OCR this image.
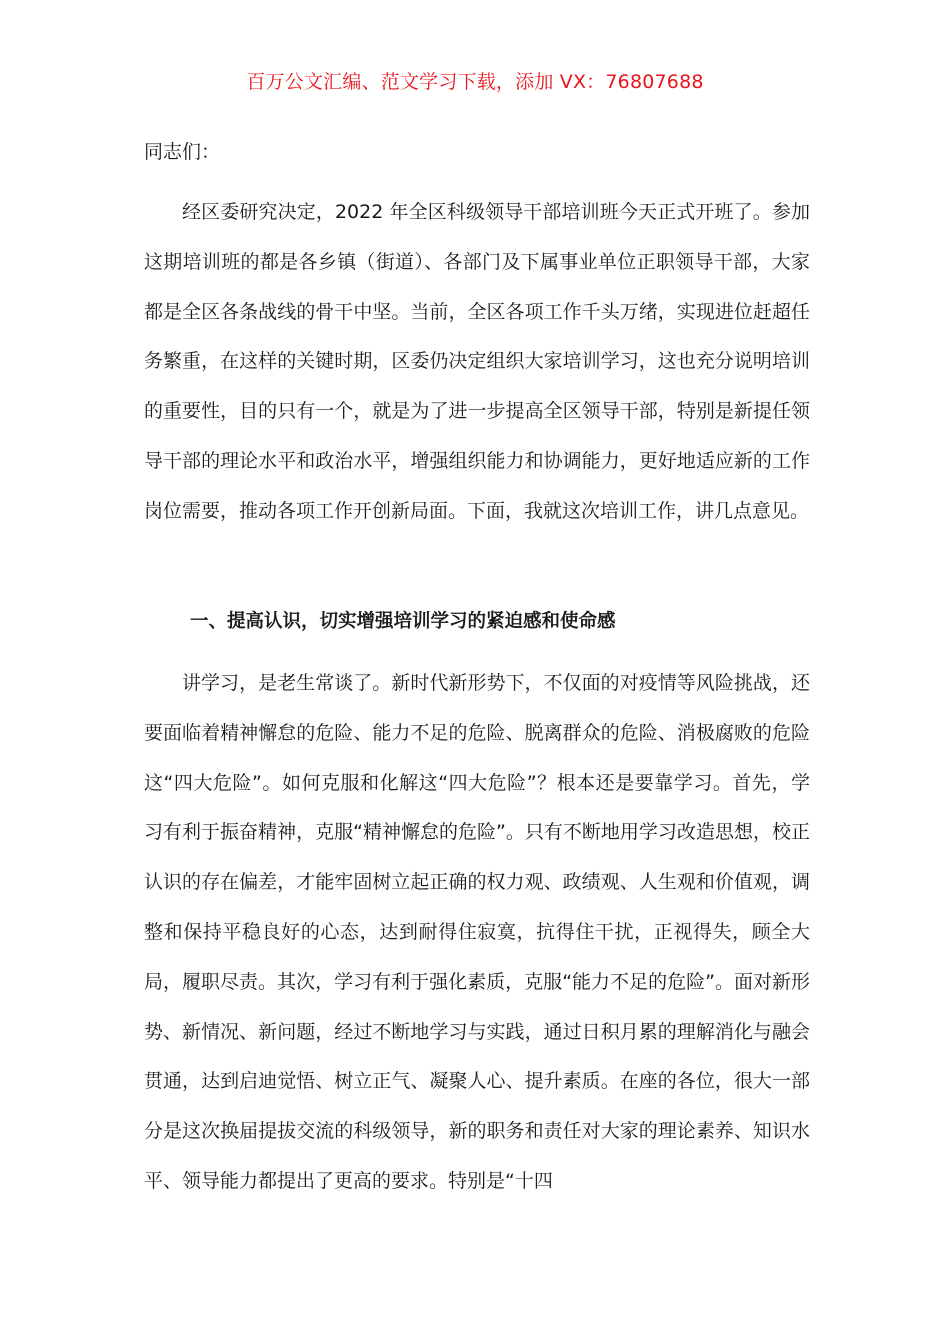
百万公文汇编、范文学习下载，添加 VX：76807688
同志们：
经区委研究决定，2022 年全区科级领导干部培训班今天正式开班了。参加这期培训班的都是各乡镇（街道）、各部门及下属事业单位正职领导干部，大家都是全区各条战线的骨干中坚。当前，全区各项工作千头万绪，实现进位赶超任务繁重，在这样的关键时期，区委仍决定组织大家培训学习，这也充分说明培训的重要性，目的只有一个，就是为了进一步提高全区领导干部，特别是新提任领导干部的理论水平和政治水平，增强组织能力和协调能力，更好地适应新的工作岗位需要，推动各项工作开创新局面。下面，我就这次培训工作，讲几点意见。
一、提高认识，切实增强培训学习的紧迫感和使命感
讲学习，是老生常谈了。新时代新形势下，不仅面的对疫情等风险挑战，还要面临着精神懈怠的危险、能力不足的危险、脱离群众的危险、消极腐败的危险这“四大危险”。如何克服和化解这“四大危险”？根本还是要靠学习。首先，学习有利于振奋精神，克服“精神懈怠的危险”。只有不断地用学习改造思想，校正认识的存在偏差，才能牢固树立起正确的权力观、政绩观、人生观和价值观，调整和保持平稳良好的心态，达到耐得住寂寞，抗得住干扰，正视得失，顾全大局，履职尽责。其次，学习有利于强化素质，克服“能力不足的危险”。面对新形势、新情况、新问题，经过不断地学习与实践，通过日积月累的理解消化与融会贯通，达到启迪觉悟、树立正气、凝聚人心、提升素质。在座的各位，很大一部分是这次换届提拔交流的科级领导，新的职务和责任对大家的理论素养、知识水平、领导能力都提出了更高的要求。特别是“十四
